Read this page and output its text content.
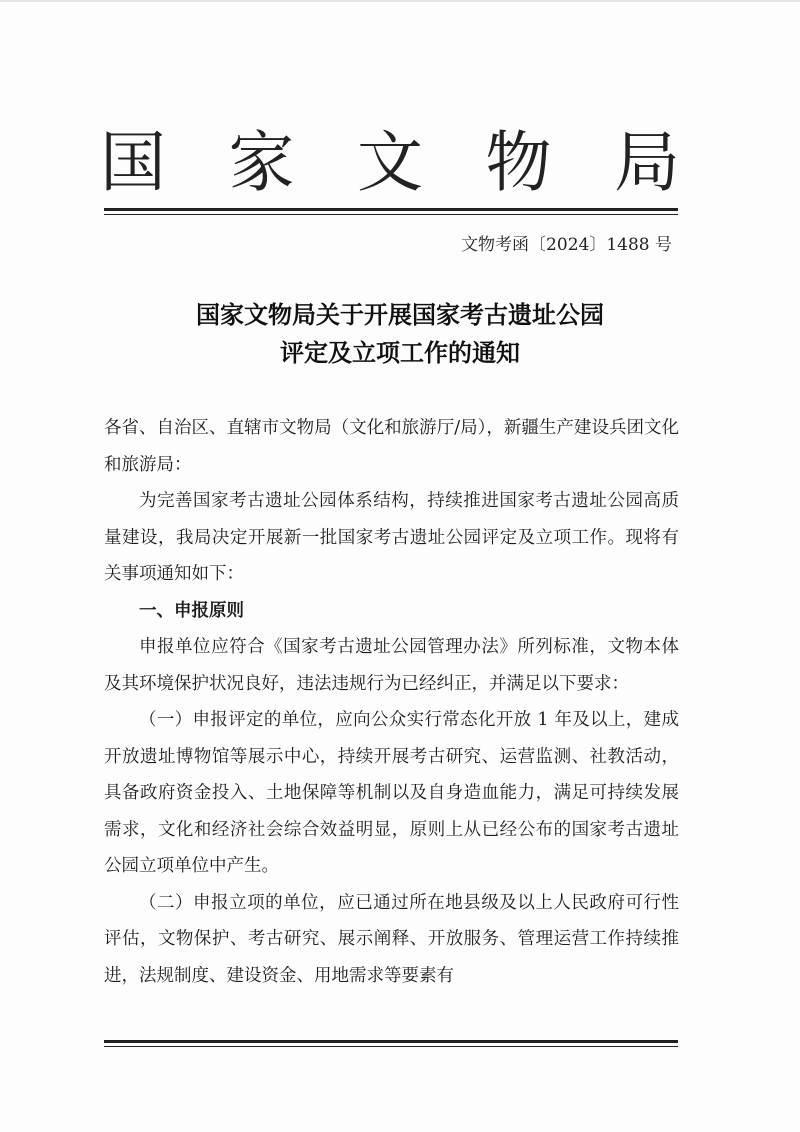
国 家 文 物 局
文物考函〔2024〕1488 号
国家文物局关于开展国家考古遗址公园
评定及立项工作的通知

各省、自治区、直辖市文物局（文化和旅游厅/局），新疆生产建设兵团文化和旅游局：

为完善国家考古遗址公园体系结构，持续推进国家考古遗址公园高质量建设，我局决定开展新一批国家考古遗址公园评定及立项工作。现将有关事项通知如下：

一、申报原则

申报单位应符合《国家考古遗址公园管理办法》所列标准，文物本体及其环境保护状况良好，违法违规行为已经纠正，并满足以下要求：

（一）申报评定的单位，应向公众实行常态化开放 1 年及以上，建成开放遗址博物馆等展示中心，持续开展考古研究、运营监测、社教活动，具备政府资金投入、土地保障等机制以及自身造血能力，满足可持续发展需求，文化和经济社会综合效益明显，原则上从已经公布的国家考古遗址公园立项单位中产生。

（二）申报立项的单位，应已通过所在地县级及以上人民政府可行性评估，文物保护、考古研究、展示阐释、开放服务、管理运营工作持续推进，法规制度、建设资金、用地需求等要素有
